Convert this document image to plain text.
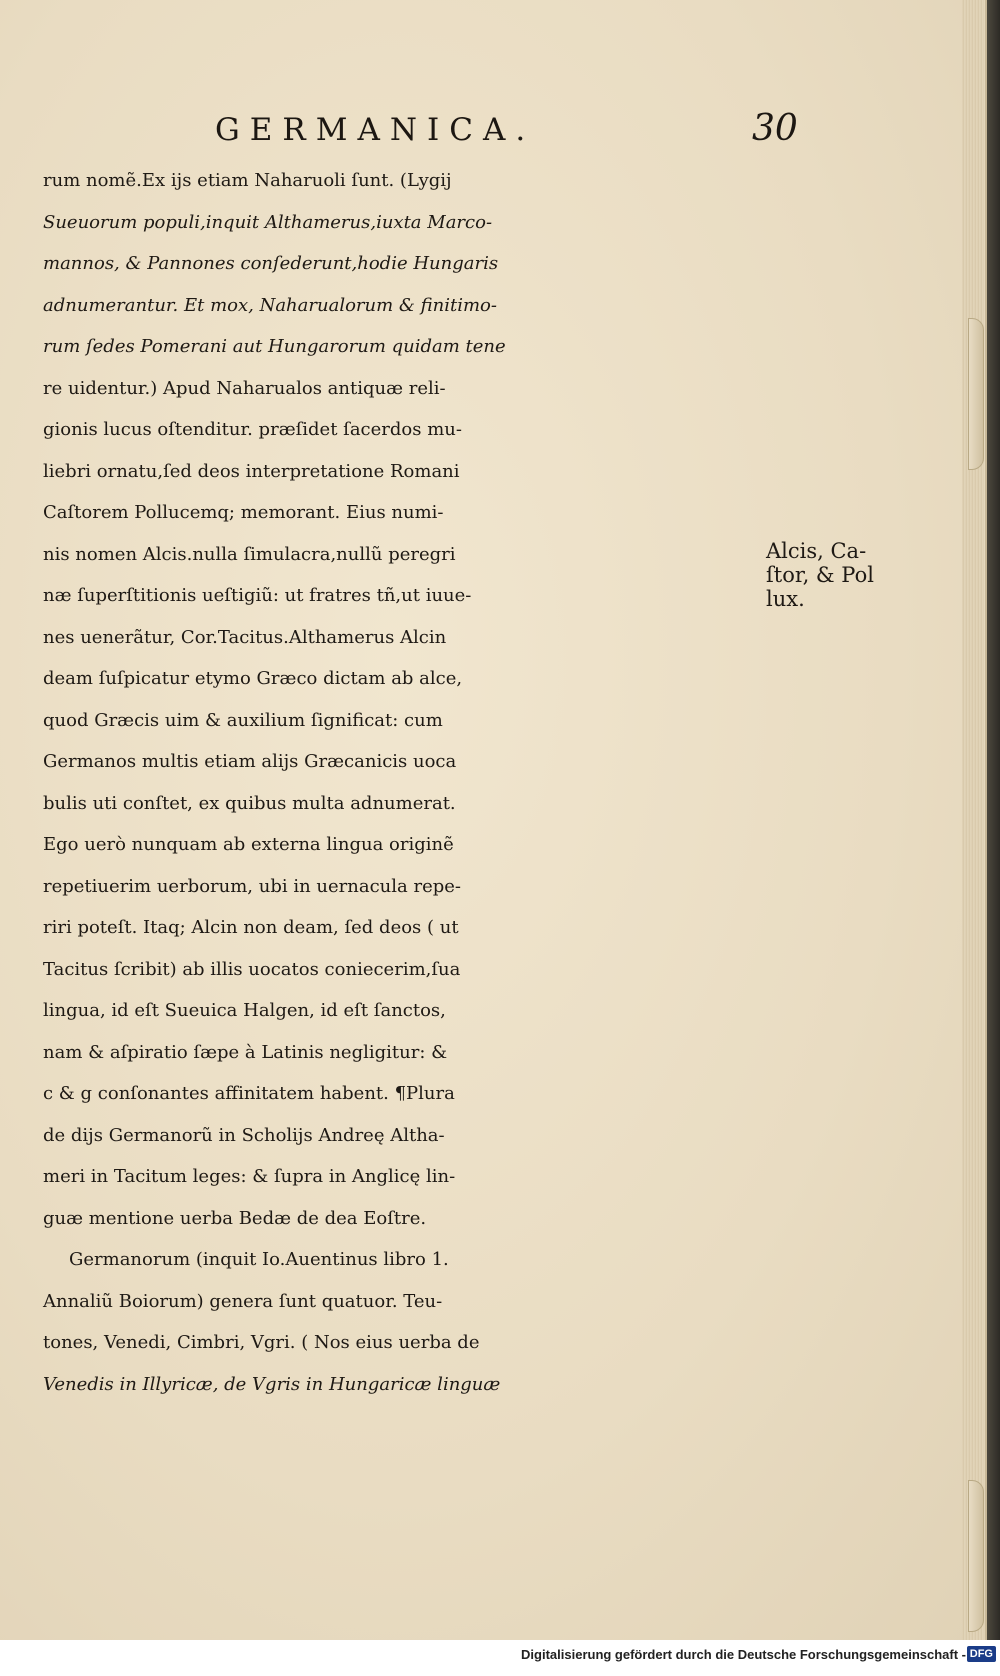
GERMANICA.	30
rum nomẽ.Ex ijs etiam Naharuoli ſunt. (Lygij
Sueuorum populi,inquit Althamerus,iuxta Marco-
mannos, & Pannones conſederunt,hodie Hungaris
adnumerantur. Et mox, Naharualorum & finitimo-
rum ſedes Pomerani aut Hungarorum quidam tene
re uidentur.) Apud Naharualos antiquæ reli-
gionis lucus oſtenditur. præſidet ſacerdos mu-
liebri ornatu,ſed deos interpretatione Romani
Caſtorem Pollucemq; memorant. Eius numi-
nis nomen Alcis.nulla ſimulacra,nullũ peregri
næ ſuperſtitionis ueſtigiũ: ut fratres tñ,ut iuue-
nes uenerãtur, Cor.Tacitus.Althamerus Alcin
deam ſuſpicatur etymo Græco dictam ab alce,
quod Græcis uim & auxilium ſignificat: cum
Germanos multis etiam alijs Græcanicis uoca
bulis uti conſtet, ex quibus multa adnumerat.
Ego uerò nunquam ab externa lingua originẽ
repetiuerim uerborum, ubi in uernacula repe-
riri poteſt. Itaq; Alcin non deam, ſed deos ( ut
Tacitus ſcribit) ab illis uocatos coniecerim,ſua
lingua, id eſt Sueuica Halgen, id eſt ſanctos,
nam & aſpiratio ſæpe à Latinis negligitur: &
c & g conſonantes affinitatem habent. ¶Plura
de dijs Germanorũ in Scholijs Andreę Altha-
meri in Tacitum leges: & ſupra in Anglicę lin-
guæ mentione uerba Bedæ de dea Eoſtre.
Germanorum (inquit Io.Auentinus libro 1.
Annaliũ Boiorum) genera ſunt quatuor. Teu-
tones, Venedi, Cimbri, Vgri. ( Nos eius uerba de
Venedis in Illyricæ, de Vgris in Hungaricæ linguæ
Alcis, Ca-
ſtor, & Pol
lux.
Digitalisierung gefördert durch die Deutsche Forschungsgemeinschaft - DFG
